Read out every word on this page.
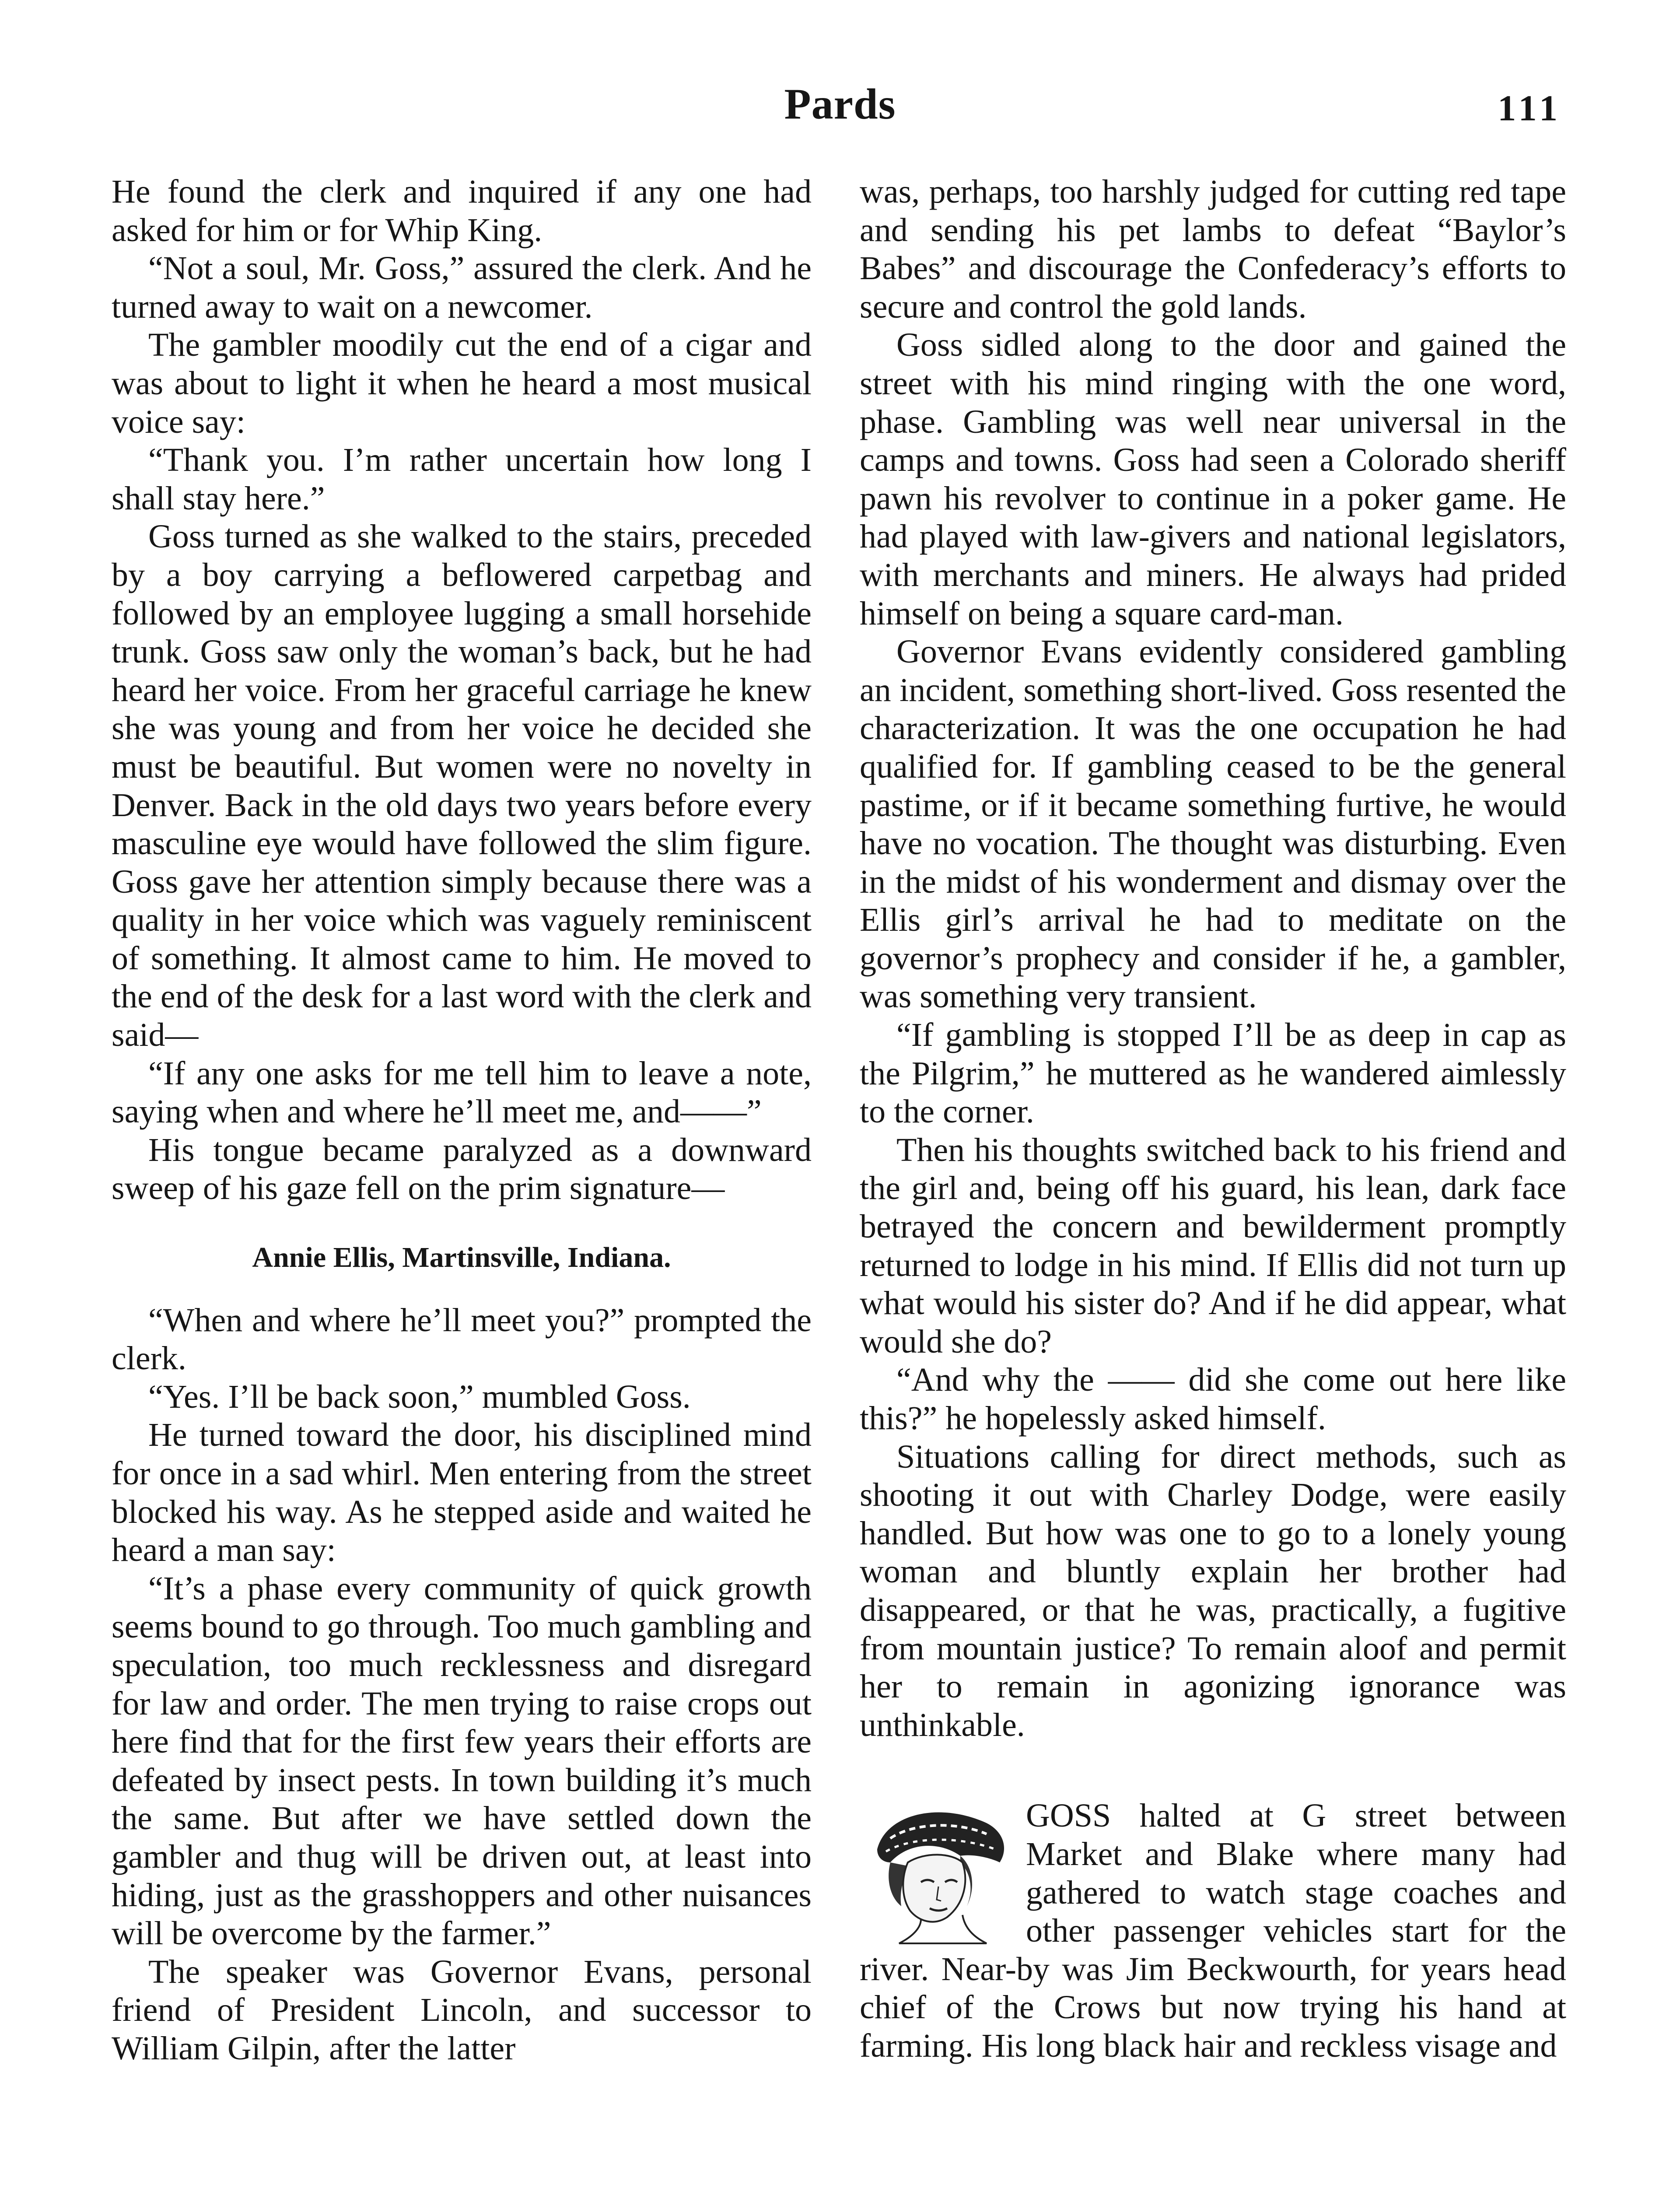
Pards	111

He found the clerk and inquired if any one had asked for him or for Whip King.

“Not a soul, Mr. Goss,” assured the clerk. And he turned away to wait on a newcomer.

The gambler moodily cut the end of a cigar and was about to light it when he heard a most musical voice say:

“Thank you. I’m rather uncertain how long I shall stay here.”

Goss turned as she walked to the stairs, preceded by a boy carrying a beflowered carpetbag and followed by an employee lugging a small horsehide trunk. Goss saw only the woman’s back, but he had heard her voice. From her graceful carriage he knew she was young and from her voice he decided she must be beautiful. But women were no novelty in Denver. Back in the old days two years before every masculine eye would have followed the slim figure. Goss gave her attention simply because there was a quality in her voice which was vaguely reminiscent of something. It almost came to him. He moved to the end of the desk for a last word with the clerk and said—

“If any one asks for me tell him to leave a note, saying when and where he’ll meet me, and——”

His tongue became paralyzed as a downward sweep of his gaze fell on the prim signature—

Annie Ellis, Martinsville, Indiana.

“When and where he’ll meet you?” prompted the clerk.

“Yes. I’ll be back soon,” mumbled Goss.

He turned toward the door, his disciplined mind for once in a sad whirl. Men entering from the street blocked his way. As he stepped aside and waited he heard a man say:

“It’s a phase every community of quick growth seems bound to go through. Too much gambling and speculation, too much recklessness and disregard for law and order. The men trying to raise crops out here find that for the first few years their efforts are defeated by insect pests. In town building it’s much the same. But after we have settled down the gambler and thug will be driven out, at least into hiding, just as the grasshoppers and other nuisances will be overcome by the farmer.”

The speaker was Governor Evans, personal friend of President Lincoln, and successor to William Gilpin, after the latter

was, perhaps, too harshly judged for cutting red tape and sending his pet lambs to defeat “Baylor’s Babes” and discourage the Confederacy’s efforts to secure and control the gold lands.

Goss sidled along to the door and gained the street with his mind ringing with the one word, phase. Gambling was well near universal in the camps and towns. Goss had seen a Colorado sheriff pawn his revolver to continue in a poker game. He had played with law-givers and national legislators, with merchants and miners. He always had prided himself on being a square card-man.

Governor Evans evidently considered gambling an incident, something short-lived. Goss resented the characterization. It was the one occupation he had qualified for. If gambling ceased to be the general pastime, or if it became something furtive, he would have no vocation. The thought was disturbing. Even in the midst of his wonderment and dismay over the Ellis girl’s arrival he had to meditate on the governor’s prophecy and consider if he, a gambler, was something very transient.

“If gambling is stopped I’ll be as deep in cap as the Pilgrim,” he muttered as he wandered aimlessly to the corner.

Then his thoughts switched back to his friend and the girl and, being off his guard, his lean, dark face betrayed the concern and bewilderment promptly returned to lodge in his mind. If Ellis did not turn up what would his sister do? And if he did appear, what would she do?

“And why the —— did she come out here like this?” he hopelessly asked himself.

Situations calling for direct methods, such as shooting it out with Charley Dodge, were easily handled. But how was one to go to a lonely young woman and bluntly explain her brother had disappeared, or that he was, practically, a fugitive from mountain justice? To remain aloof and permit her to remain in agonizing ignorance was unthinkable.

GOSS halted at G street between Market and Blake where many had gathered to watch stage coaches and other passenger vehicles start for the river. Near-by was Jim Beckwourth, for years head chief of the Crows but now trying his hand at farming. His long black hair and reckless visage and
